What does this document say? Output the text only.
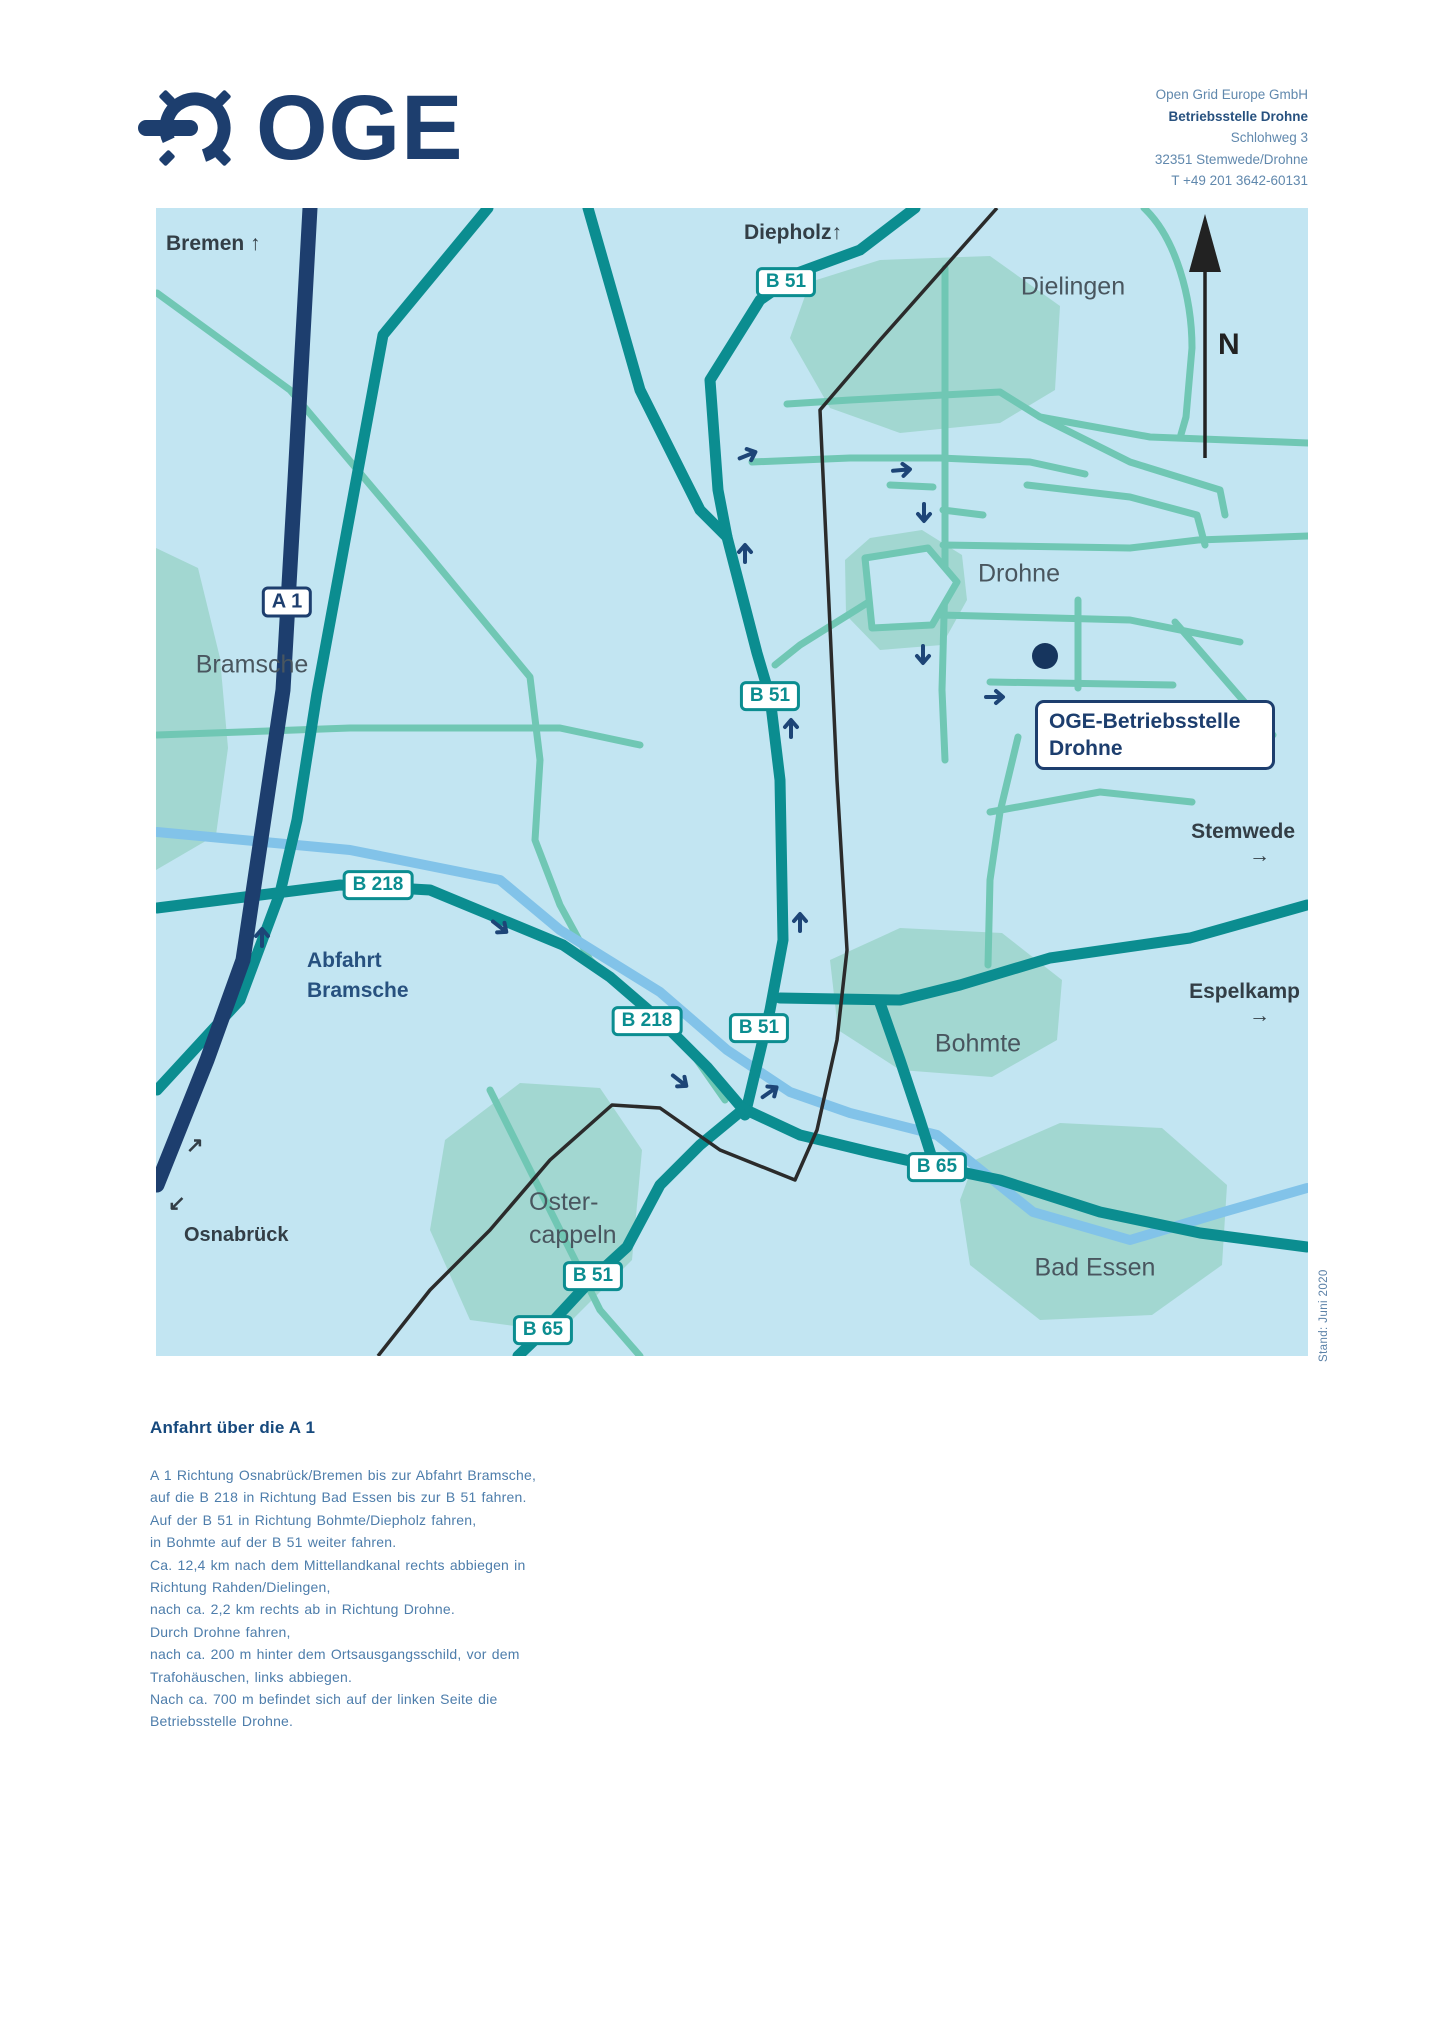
OGE	Open Grid Europe GmbH
Betriebsstelle Drohne
Schlohweg 3
32351 Stemwede/Drohne
T +49 201 3642-60131
Bremen ↑	Diepholz↑
Osnabrück
↗
↙
Stemwede
→
Espelkamp
→
Dielingen
Drohne
Bramsche
Bohmte
Bad Essen
Oster-
cappeln
Abfahrt
Bramsche
A 1
B 51
B 51
B 218
B 218	B 51
B 65
B 51
B 65
OGE-Betriebsstelle
Drohne
N
Stand: Juni 2020
Anfahrt über die A 1
A 1 Richtung Osnabrück/Bremen bis zur Abfahrt Bramsche,
auf die B 218 in Richtung Bad Essen bis zur B 51 fahren.
Auf der B 51 in Richtung Bohmte/Diepholz fahren,
in Bohmte auf der B 51 weiter fahren.
Ca. 12,4 km nach dem Mittellandkanal rechts abbiegen in
Richtung Rahden/Dielingen,
nach ca. 2,2 km rechts ab in Richtung Drohne.
Durch Drohne fahren,
nach ca. 200 m hinter dem Ortsausgangsschild, vor dem
Trafohäuschen, links abbiegen.
Nach ca. 700 m befindet sich auf der linken Seite die
Betriebsstelle Drohne.
